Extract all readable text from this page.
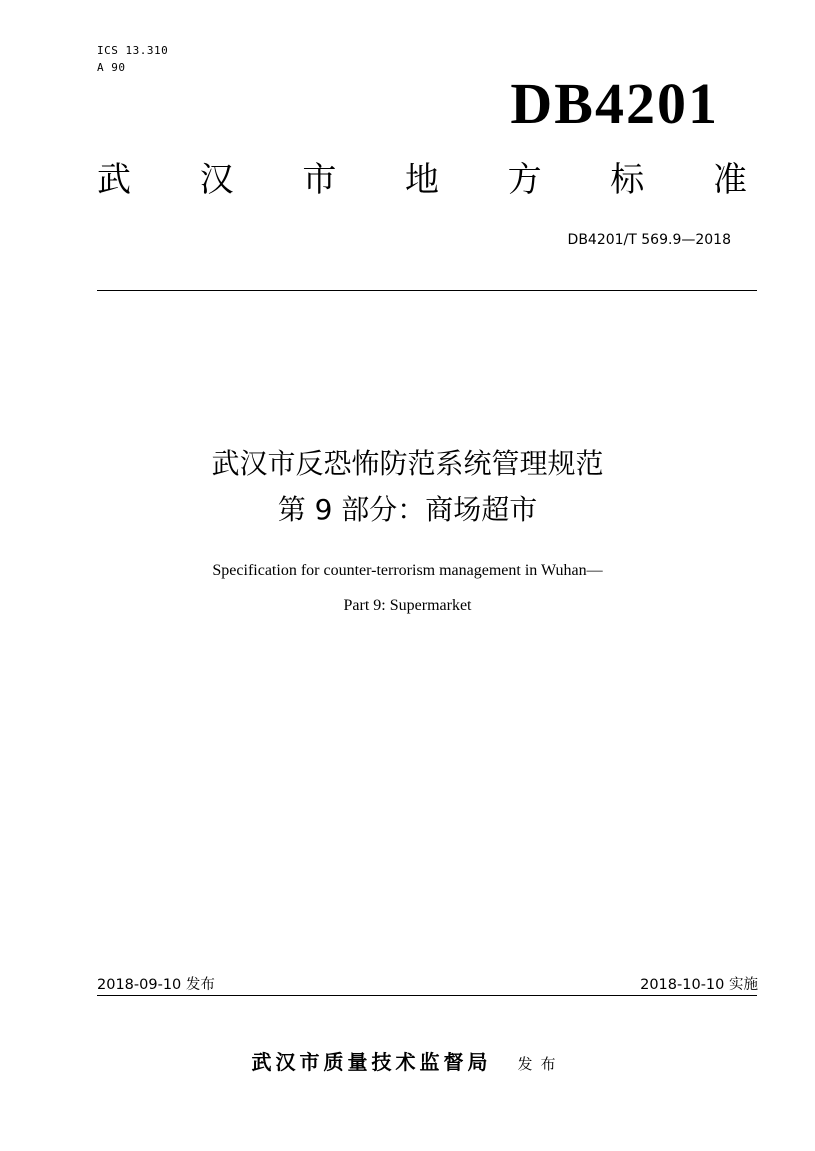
ICS 13.310
A 90
DB4201
武 汉 市 地 方 标 准
DB4201/T 569.9—2018
武汉市反恐怖防范系统管理规范
第 9 部分：商场超市
Specification for counter-terrorism management in Wuhan—
Part 9: Supermarket
2018-09-10 发布	2018-10-10 实施
武汉市质量技术监督局 发布
